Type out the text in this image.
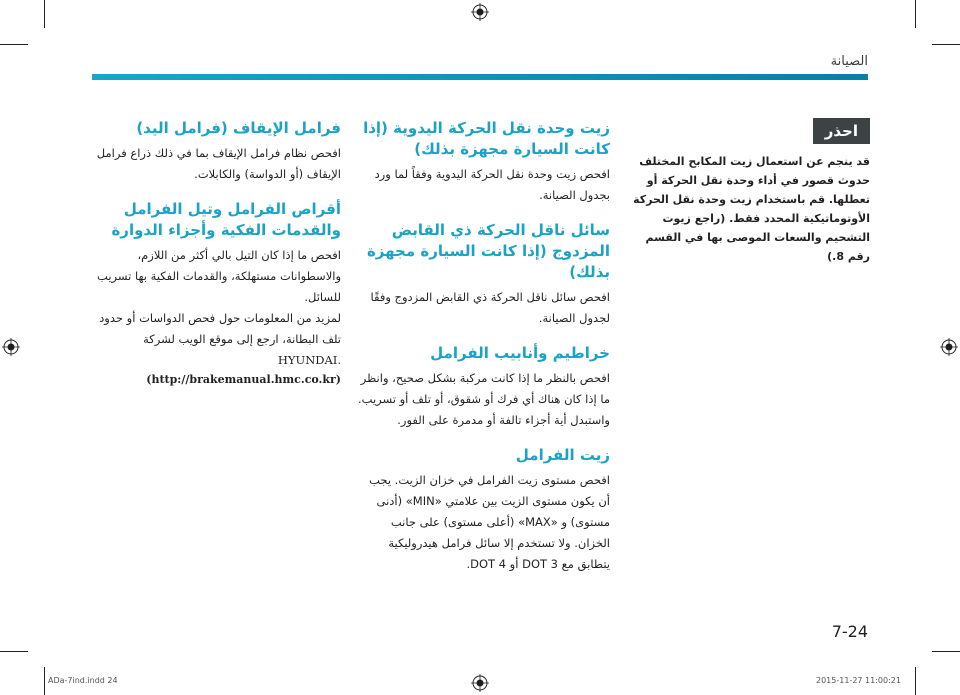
الصيانة
احذر

قد ينجم عن استعمال زيت المكابح المختلف حدوث قصور في أداء وحدة نقل الحركة أو تعطلها. قم باستخدام زيت وحدة نقل الحركة الأوتوماتيكية المحدد فقط. (راجع زيوت التشحيم والسعات الموصى بها في القسم رقم 8.)

زيت وحدة نقل الحركة اليدوية (إذا كانت السيارة مجهزة بذلك)

افحص زيت وحدة نقل الحركة اليدوية وفقاً لما ورد بجدول الصيانة.

سائل ناقل الحركة ذي القابض المزدوج (إذا كانت السيارة مجهزة بذلك)

افحص سائل ناقل الحركة ذي القابض المزدوج وفقًا لجدول الصيانة.

خراطيم وأنابيب الفرامل

افحص بالنظر ما إذا كانت مركبة بشكل صحيح، وانظر ما إذا كان هناك أي فرك أو شقوق، أو تلف أو تسريب. واستبدل أية أجزاء تالفة أو مدمرة على الفور.

زيت الفرامل

افحص مستوى زيت الفرامل في خزان الزيت. يجب أن يكون مستوى الزيت بين علامتي «MIN» (أدنى مستوى) و «MAX» (أعلى مستوى) على جانب الخزان. ولا تستخدم إلا سائل فرامل هيدروليكية يتطابق مع DOT 3 أو DOT 4.

فرامل الإيقاف (فرامل اليد)

افحص نظام فرامل الإيقاف بما في ذلك ذراع فرامل الإيقاف (أو الدواسة) والكابلات.

أقراص الفرامل وتيل الفرامل والقدمات الفكية وأجزاء الدوارة

افحص ما إذا كان التيل بالي أكثر من اللازم، والاسطوانات مستهلكة، والقدمات الفكية بها تسريب للسائل.

لمزيد من المعلومات حول فحص الدواسات أو حدود تلف البطانة، ارجع إلى موقع الويب لشركة

HYUNDAI.

(http://brakemanual.hmc.co.kr)
7-24
ADa-7ind.indd 24	2015-11-27 11:00:21
